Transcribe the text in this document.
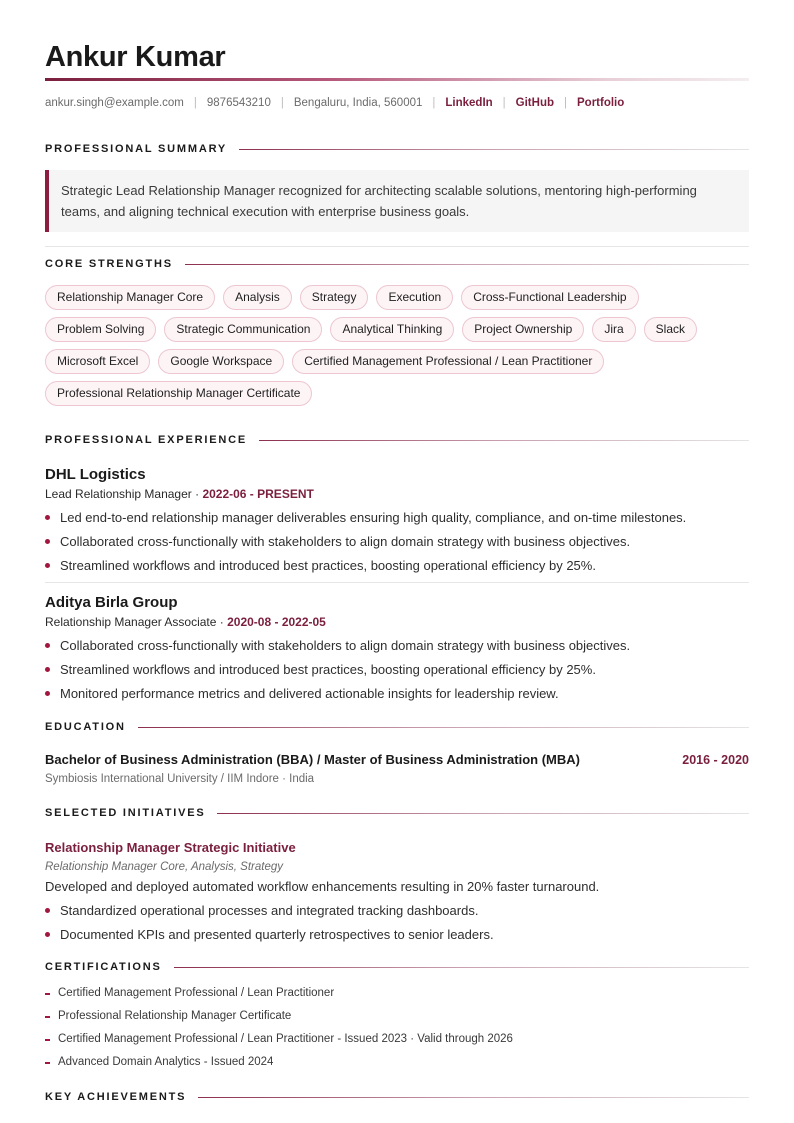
Ankur Kumar
ankur.singh@example.com | 9876543210 | Bengaluru, India, 560001 | LinkedIn | GitHub | Portfolio
PROFESSIONAL SUMMARY
Strategic Lead Relationship Manager recognized for architecting scalable solutions, mentoring high-performing teams, and aligning technical execution with enterprise business goals.
CORE STRENGTHS
Relationship Manager Core	Analysis	Strategy	Execution	Cross-Functional Leadership
Problem Solving	Strategic Communication	Analytical Thinking	Project Ownership	Jira	Slack
Microsoft Excel	Google Workspace	Certified Management Professional / Lean Practitioner
Professional Relationship Manager Certificate
PROFESSIONAL EXPERIENCE
DHL Logistics
Lead Relationship Manager · 2022-06 - PRESENT
Led end-to-end relationship manager deliverables ensuring high quality, compliance, and on-time milestones.
Collaborated cross-functionally with stakeholders to align domain strategy with business objectives.
Streamlined workflows and introduced best practices, boosting operational efficiency by 25%.
Aditya Birla Group
Relationship Manager Associate · 2020-08 - 2022-05
Collaborated cross-functionally with stakeholders to align domain strategy with business objectives.
Streamlined workflows and introduced best practices, boosting operational efficiency by 25%.
Monitored performance metrics and delivered actionable insights for leadership review.
EDUCATION
Bachelor of Business Administration (BBA) / Master of Business Administration (MBA)	2016 - 2020
Symbiosis International University / IIM Indore · India
SELECTED INITIATIVES
Relationship Manager Strategic Initiative
Relationship Manager Core, Analysis, Strategy
Developed and deployed automated workflow enhancements resulting in 20% faster turnaround.
Standardized operational processes and integrated tracking dashboards.
Documented KPIs and presented quarterly retrospectives to senior leaders.
CERTIFICATIONS
Certified Management Professional / Lean Practitioner
Professional Relationship Manager Certificate
Certified Management Professional / Lean Practitioner - Issued 2023 · Valid through 2026
Advanced Domain Analytics - Issued 2024
KEY ACHIEVEMENTS
